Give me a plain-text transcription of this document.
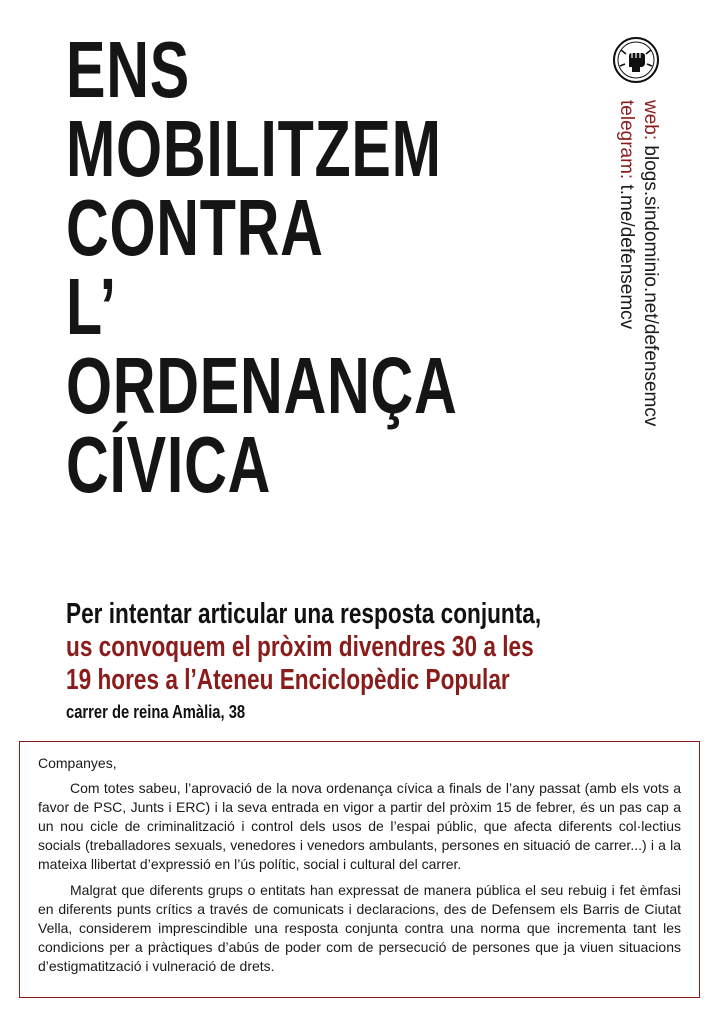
ENS
MOBILITZEM
CONTRA
L’
ORDENANÇA
CÍVICA
web: blogs.sindominio.net/defensemcv
telegram: t.me/defensemcv
Per intentar articular una resposta conjunta,
us convoquem el pròxim divendres 30 a les
19 hores a l’Ateneu Enciclopèdic Popular
carrer de reina Amàlia, 38

Companyes,

Com totes sabeu, l’aprovació de la nova ordenança cívica a finals de l’any passat (amb els vots a favor de PSC, Junts i ERC) i la seva entrada en vigor a partir del pròxim 15 de febrer, és un pas cap a un nou cicle de criminalització i control dels usos de l’espai públic, que afecta diferents col·lectius socials (treballadores sexuals, venedores i venedors ambulants, persones en situació de carrer...) i a la mateixa llibertat d’expressió en l’ús polític, social i cultural del carrer.

Malgrat que diferents grups o entitats han expressat de manera pública el seu rebuig i fet èmfasi en diferents punts crítics a través de comunicats i declaracions, des de Defensem els Barris de Ciutat Vella, considerem imprescindible una resposta conjunta contra una norma que incrementa tant les condicions per a pràctiques d’abús de poder com de persecució de persones que ja viuen situacions d’estigmatització i vulneració de drets.
